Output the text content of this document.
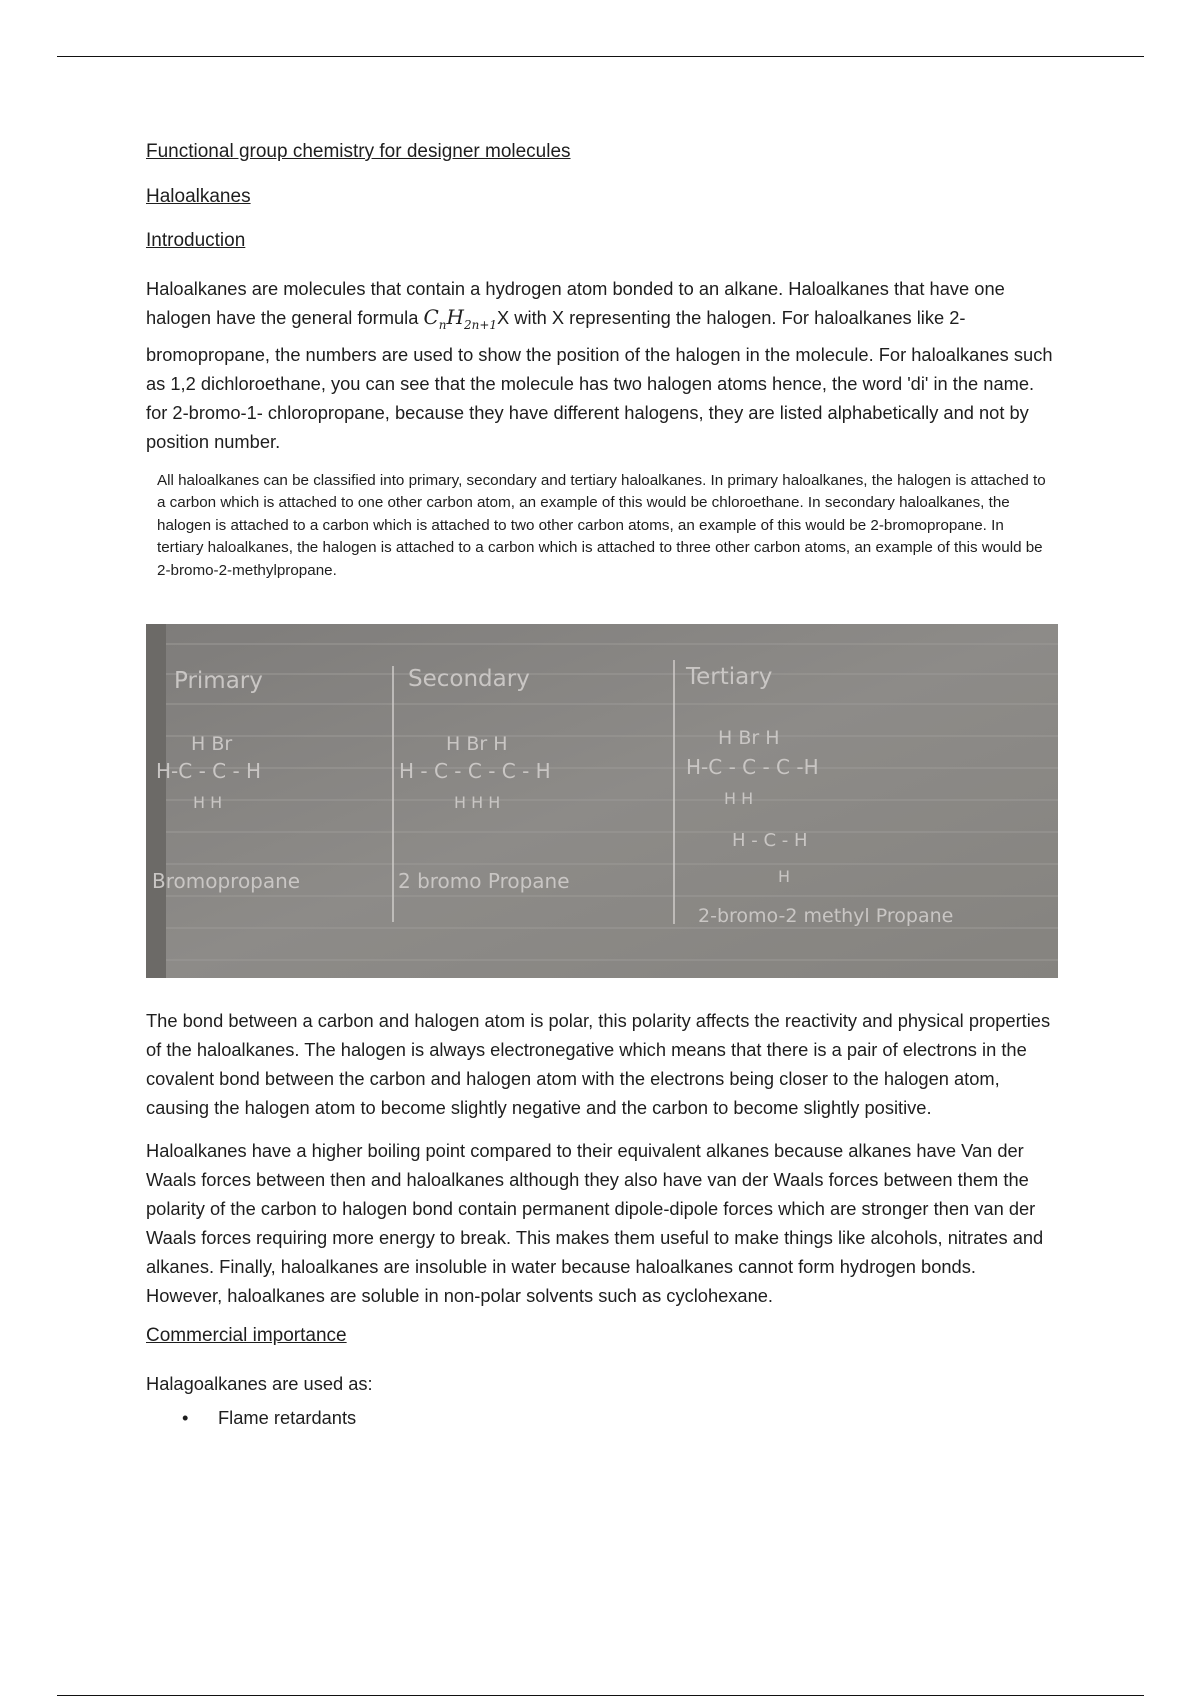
Functional group chemistry for designer molecules

Haloalkanes

Introduction

Haloalkanes are molecules that contain a hydrogen atom bonded to an alkane. Haloalkanes that have one halogen have the general formula $C_nH_{2n+1}X$ with X representing the halogen. For haloalkanes like 2-bromopropane, the numbers are used to show the position of the halogen in the molecule. For haloalkanes such as 1,2 dichloroethane, you can see that the molecule has two halogen atoms hence, the word 'di' in the name. for 2-bromo-1- chloropropane, because they have different halogens, they are listed alphabetically and not by position number.

All haloalkanes can be classified into primary, secondary and tertiary haloalkanes. In primary haloalkanes, the halogen is attached to a carbon which is attached to one other carbon atom, an example of this would be chloroethane. In secondary haloalkanes, the halogen is attached to a carbon which is attached to two other carbon atoms, an example of this would be 2-bromopropane. In tertiary haloalkanes, the halogen is attached to a carbon which is attached to three other carbon atoms, an example of this would be 2-bromo-2-methylpropane.

Primary
H Br
H-C - C - H
H H
Bromopropane
Secondary
H Br H
H - C - C - C - H
H H H
2 bromo Propane
Tertiary
H Br H
H-C - C - C -H
H H
H - C - H
H
2-bromo-2 methyl Propane

The bond between a carbon and halogen atom is polar, this polarity affects the reactivity and physical properties of the haloalkanes. The halogen is always electronegative which means that there is a pair of electrons in the covalent bond between the carbon and halogen atom with the electrons being closer to the halogen atom, causing the halogen atom to become slightly negative and the carbon to become slightly positive.

Haloalkanes have a higher boiling point compared to their equivalent alkanes because alkanes have Van der Waals forces between then and haloalkanes although they also have van der Waals forces between them the polarity of the carbon to halogen bond contain permanent dipole-dipole forces which are stronger then van der Waals forces requiring more energy to break. This makes them useful to make things like alcohols, nitrates and alkanes. Finally, haloalkanes are insoluble in water because haloalkanes cannot form hydrogen bonds. However, haloalkanes are soluble in non-polar solvents such as cyclohexane.

Commercial importance

Halagoalkanes are used as:

• Flame retardants
